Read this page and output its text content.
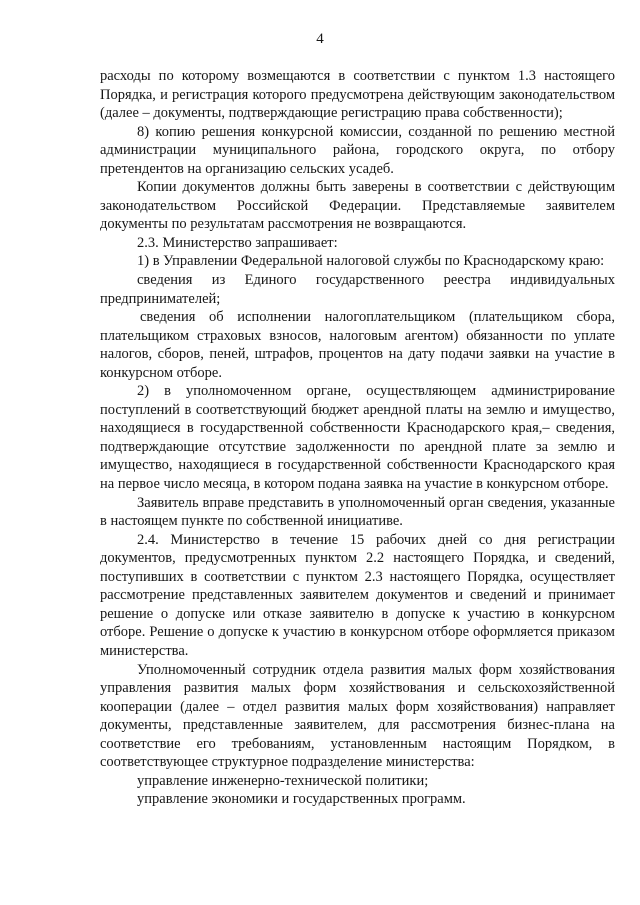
4

расходы по которому возмещаются в соответствии с пунктом 1.3 настоящего Порядка, и регистрация которого предусмотрена действующим законодательством (далее – документы, подтверждающие регистрацию права собственности);

8) копию решения конкурсной комиссии, созданной по решению местной администрации муниципального района, городского округа, по отбору претендентов на организацию сельских усадеб.

Копии документов должны быть заверены в соответствии с действующим законодательством Российской Федерации. Представляемые заявителем документы по результатам рассмотрения не возвращаются.

2.3. Министерство запрашивает:

1) в Управлении Федеральной налоговой службы по Краснодарскому краю:

сведения из Единого государственного реестра индивидуальных предпринимателей;

сведения об исполнении налогоплательщиком (плательщиком сбора, плательщиком страховых взносов, налоговым агентом) обязанности по уплате налогов, сборов, пеней, штрафов, процентов на дату подачи заявки на участие в конкурсном отборе.

2) в уполномоченном органе, осуществляющем администрирование поступлений в соответствующий бюджет арендной платы на землю и имущество, находящиеся в государственной собственности Краснодарского края,– сведения, подтверждающие отсутствие задолженности по арендной плате за землю и имущество, находящиеся в государственной собственности Краснодарского края на первое число месяца, в котором подана заявка на участие в конкурсном отборе.

Заявитель вправе представить в уполномоченный орган сведения, указанные в настоящем пункте по собственной инициативе.

2.4. Министерство в течение 15 рабочих дней со дня регистрации документов, предусмотренных пунктом 2.2 настоящего Порядка, и сведений, поступивших в соответствии с пунктом 2.3 настоящего Порядка, осуществляет рассмотрение представленных заявителем документов и сведений и принимает решение о допуске или отказе заявителю в допуске к участию в конкурсном отборе. Решение о допуске к участию в конкурсном отборе оформляется приказом министерства.

Уполномоченный сотрудник отдела развития малых форм хозяйствования управления развития малых форм хозяйствования и сельскохозяйственной кооперации (далее – отдел развития малых форм хозяйствования) направляет документы, представленные заявителем, для рассмотрения бизнес-плана на соответствие его требованиям, установленным настоящим Порядком, в соответствующее структурное подразделение министерства:

управление инженерно-технической политики;

управление экономики и государственных программ.
